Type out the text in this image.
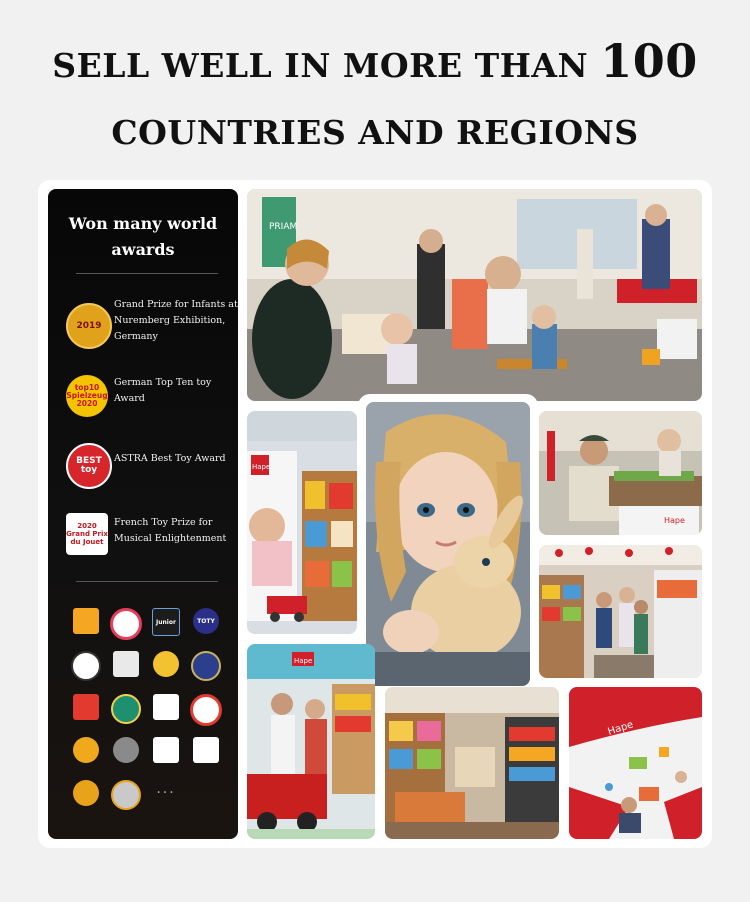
SELL WELL IN MORE THAN 100
COUNTRIES AND REGIONS
Won many world awards
2019
Grand Prize for Infants at Nuremberg Exhibition, Germany
top10 Spielzeug 2020
German Top Ten toy Award
BEST toy
ASTRA Best Toy Award
2020 Grand Prix du Jouet
French Toy Prize for Musical Enlightenment
Junior	TOTY
···
PRIAM
Hape
Hape
Hape
Hape
